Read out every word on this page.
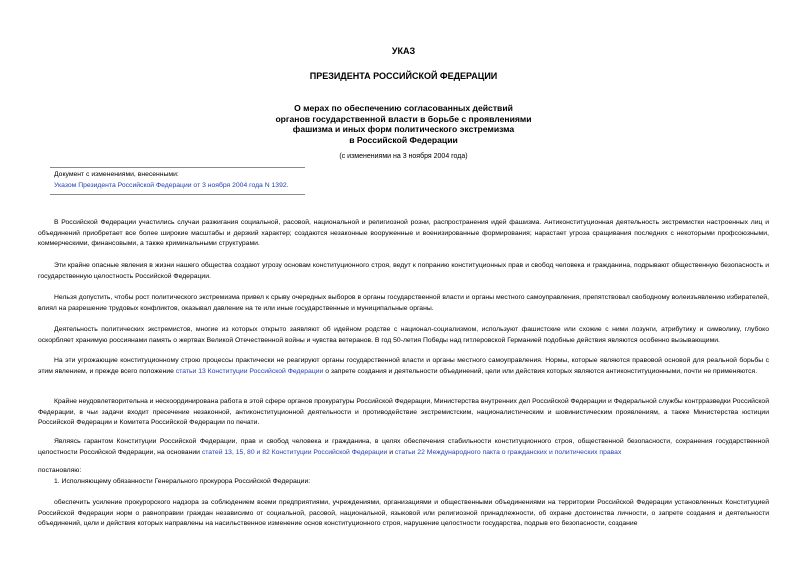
УКАЗ
ПРЕЗИДЕНТА РОССИЙСКОЙ ФЕДЕРАЦИИ
О мерах по обеспечению согласованных действий
органов государственной власти в борьбе с проявлениями
фашизма и иных форм политического экстремизма
в Российской Федерации
(с изменениями на 3 ноября 2004 года)
Документ с изменениями, внесенными:
Указом Президента Российской Федерации от 3 ноября 2004 года N 1392.
В Российской Федерации участились случаи разжигания социальной, расовой, национальной и религиозной розни, распространения идей фашизма. Антиконституционная деятельность экстремистки настроенных лиц и объединений приобретает все более широкие масштабы и дерзкий характер; создаются незаконные вооруженные и военизированные формирования; нарастает угроза сращивания последних с некоторыми профсоюзными, коммерческими, финансовыми, а также криминальными структурами.
Эти крайне опасные явления в жизни нашего общества создают угрозу основам конституционного строя, ведут к попранию конституционных прав и свобод человека и гражданина, подрывают общественную безопасность и государственную целостность Российской Федерации.
Нельзя допустить, чтобы рост политического экстремизма привел к срыву очередных выборов в органы государственной власти и органы местного самоуправления, препятствовал свободному волеизъявлению избирателей, влиял на разрешение трудовых конфликтов, оказывал давление на те или иные государственные и муниципальные органы.
Деятельность политических экстремистов, многие из которых открыто заявляют об идейном родстве с национал-социализмом, используют фашистские или схожие с ними лозунги, атрибутику и символику, глубоко оскорбляет хранимую россиянами память о жертвах Великой Отечественной войны и чувства ветеранов. В год 50-летия Победы над гитлеровской Германией подобные действия являются особенно вызывающими.
На эти угрожающие конституционному строю процессы практически не реагируют органы государственной власти и органы местного самоуправления. Нормы, которые являются правовой основой для реальной борьбы с этим явлением, и прежде всего положение статьи 13 Конституции Российской Федерации о запрете создания и деятельности объединений, цели или действия которых являются антиконституционными, почти не применяются.
Крайне неудовлетворительна и нескоординирована работа в этой сфере органов прокуратуры Российской Федерации, Министерства внутренних дел Российской Федерации и Федеральной службы контрразведки Российской Федерации, в чьи задачи входит пресечение незаконной, антиконституционной деятельности и противодействие экстремистским, националистическим и шовинистическим проявлениям, а также Министерства юстиции Российской Федерации и Комитета Российской Федерации по печати.
Являясь гарантом Конституции Российской Федерации, прав и свобод человека и гражданина, в целях обеспечения стабильности конституционного строя, общественной безопасности, сохранения государственной целостности Российской Федерации, на основании статей 13, 15, 80 и 82 Конституции Российской Федерации и статьи 22 Международного пакта о гражданских и политических правах
постановляю:
1. Исполняющему обязанности Генерального прокурора Российской Федерации:
обеспечить усиление прокурорского надзора за соблюдением всеми предприятиями, учреждениями, организациями и общественными объединениями на территории Российской Федерации установленных Конституцией Российской Федерации норм о равноправии граждан независимо от социальной, расовой, национальной, языковой или религиозной принадлежности, об охране достоинства личности, о запрете создания и деятельности объединений, цели и действия которых направлены на насильственное изменение основ конституционного строя, нарушение целостности государства, подрыв его безопасности, создание
